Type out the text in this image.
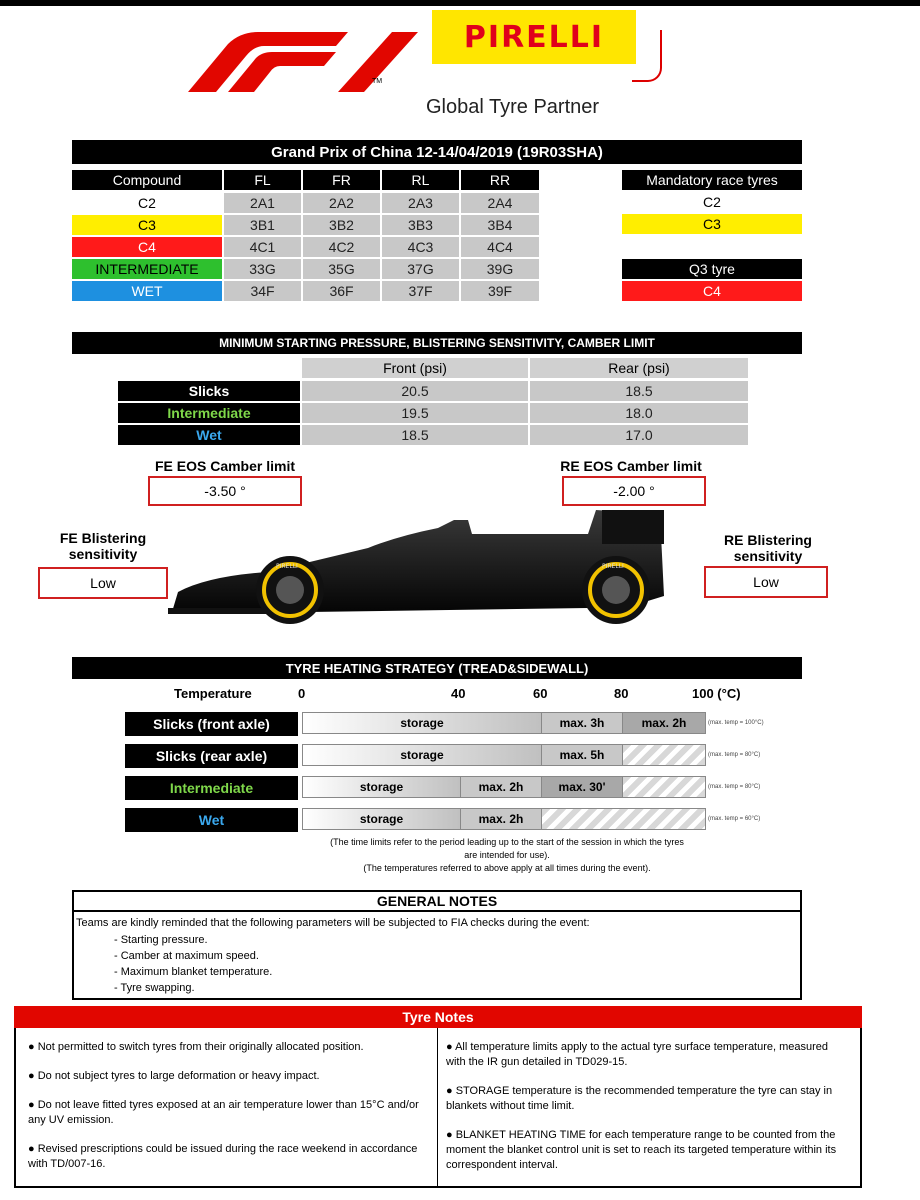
TM
PIRELLI
Global Tyre Partner
Grand Prix of China 12-14/04/2019 (19R03SHA)
Compound	FL	FR	RL	RR
C2	2A1	2A2	2A3	2A4
C3	3B1	3B2	3B3	3B4
C4	4C1	4C2	4C3	4C4
INTERMEDIATE	33G	35G	37G	39G
WET	34F	36F	37F	39F
Mandatory race tyres
C2
C3
Q3 tyre
C4
MINIMUM STARTING PRESSURE, BLISTERING SENSITIVITY, CAMBER LIMIT
Front (psi)	Rear (psi)
Slicks	20.5	18.5
Intermediate	19.5	18.0
Wet	18.5	17.0
FE EOS Camber limit
-3.50 °
RE EOS Camber limit
-2.00 °
FE Blistering sensitivity
Low
RE Blistering sensitivity
Low
PIRELLI	PIRELLI
TYRE HEATING STRATEGY (TREAD&SIDEWALL)
Temperature	0	40	60	80	100 (°C)
Slicks (front axle)	storage	max. 3h	max. 2h	(max. temp = 100°C)
Slicks (rear axle)	storage	max. 5h	(max. temp = 80°C)
Intermediate	storage	max. 2h	max. 30'	(max. temp = 80°C)
Wet	storage	max. 2h	(max. temp = 60°C)
(The time limits refer to the period leading up to the start of the session in which the tyres
are intended for use).
(The temperatures referred to above apply at all times during the event).
GENERAL NOTES
Teams are kindly reminded that the following parameters will be subjected to FIA checks during the event:
- Starting pressure.
- Camber at maximum speed.
- Maximum blanket temperature.
- Tyre swapping.
Tyre Notes
● Not permitted to switch tyres from their originally allocated position.
● Do not subject tyres to large deformation or heavy impact.
● Do not leave fitted tyres exposed at an air temperature lower than 15°C and/or any UV emission.
● Revised prescriptions could be issued during the race weekend in accordance with TD/007-16.
● All temperature limits apply to the actual tyre surface temperature, measured with the IR gun detailed in TD029-15.
● STORAGE temperature is the recommended temperature the tyre can stay in blankets without time limit.
● BLANKET HEATING TIME for each temperature range to be counted from the moment the blanket control unit is set to reach its targeted temperature within its correspondent interval.
